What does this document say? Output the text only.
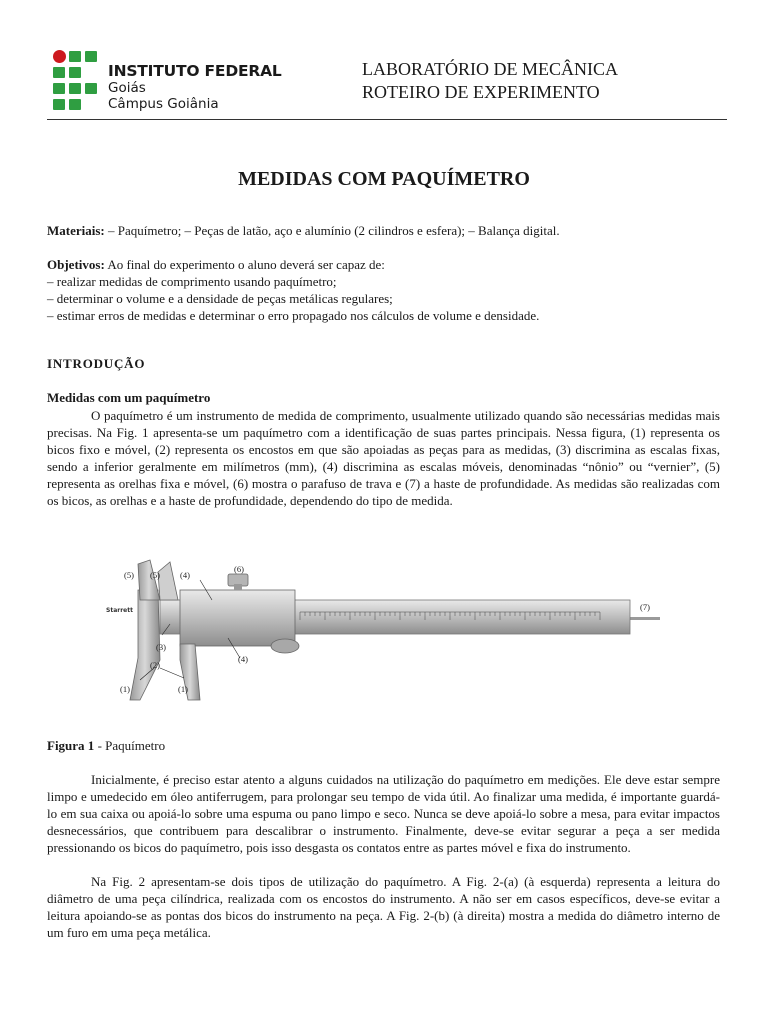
INSTITUTO FEDERAL
Goiás
Câmpus Goiânia
LABORATÓRIO DE MECÂNICA
ROTEIRO DE EXPERIMENTO
MEDIDAS COM PAQUÍMETRO
Materiais: – Paquímetro; – Peças de latão, aço e alumínio (2 cilindros e esfera); – Balança digital.
Objetivos: Ao final do experimento o aluno deverá ser capaz de:
– realizar medidas de comprimento usando paquímetro;
– determinar o volume e a densidade de peças metálicas regulares;
– estimar erros de medidas e determinar o erro propagado nos cálculos de volume e densidade.
INTRODUÇÃO
Medidas com um paquímetro
O paquímetro é um instrumento de medida de comprimento, usualmente utilizado quando são necessárias medidas mais precisas. Na Fig. 1 apresenta-se um paquímetro com a identificação de suas partes principais. Nessa figura, (1) representa os bicos fixo e móvel, (2) representa os encostos em que são apoiadas as peças para as medidas, (3) discrimina as escalas fixas, sendo a inferior geralmente em milímetros (mm), (4) discrimina as escalas móveis, denominadas “nônio” ou “vernier”, (5) representa as orelhas fixa e móvel, (6) mostra o parafuso de trava e (7) a haste de profundidade. As medidas são realizadas com os bicos, as orelhas e a haste de profundidade, dependendo do tipo de medida.
Starrett
(5) (5) (4)
(6)
(7)
(3)
(4)
(2)
(1)	(1)
Figura 1 - Paquímetro
Inicialmente, é preciso estar atento a alguns cuidados na utilização do paquímetro em medições. Ele deve estar sempre limpo e umedecido em óleo antiferrugem, para prolongar seu tempo de vida útil. Ao finalizar uma medida, é importante guardá-lo em sua caixa ou apoiá-lo sobre uma espuma ou pano limpo e seco. Nunca se deve apoiá-lo sobre a mesa, para evitar impactos desnecessários, que contribuem para descalibrar o instrumento. Finalmente, deve-se evitar segurar a peça a ser medida pressionando os bicos do paquímetro, pois isso desgasta os contatos entre as partes móvel e fixa do instrumento.
Na Fig. 2 apresentam-se dois tipos de utilização do paquímetro. A Fig. 2-(a) (à esquerda) representa a leitura do diâmetro de uma peça cilíndrica, realizada com os encostos do instrumento. A não ser em casos específicos, deve-se evitar a leitura apoiando-se as pontas dos bicos do instrumento na peça. A Fig. 2-(b) (à direita) mostra a medida do diâmetro interno de um furo em uma peça metálica.
